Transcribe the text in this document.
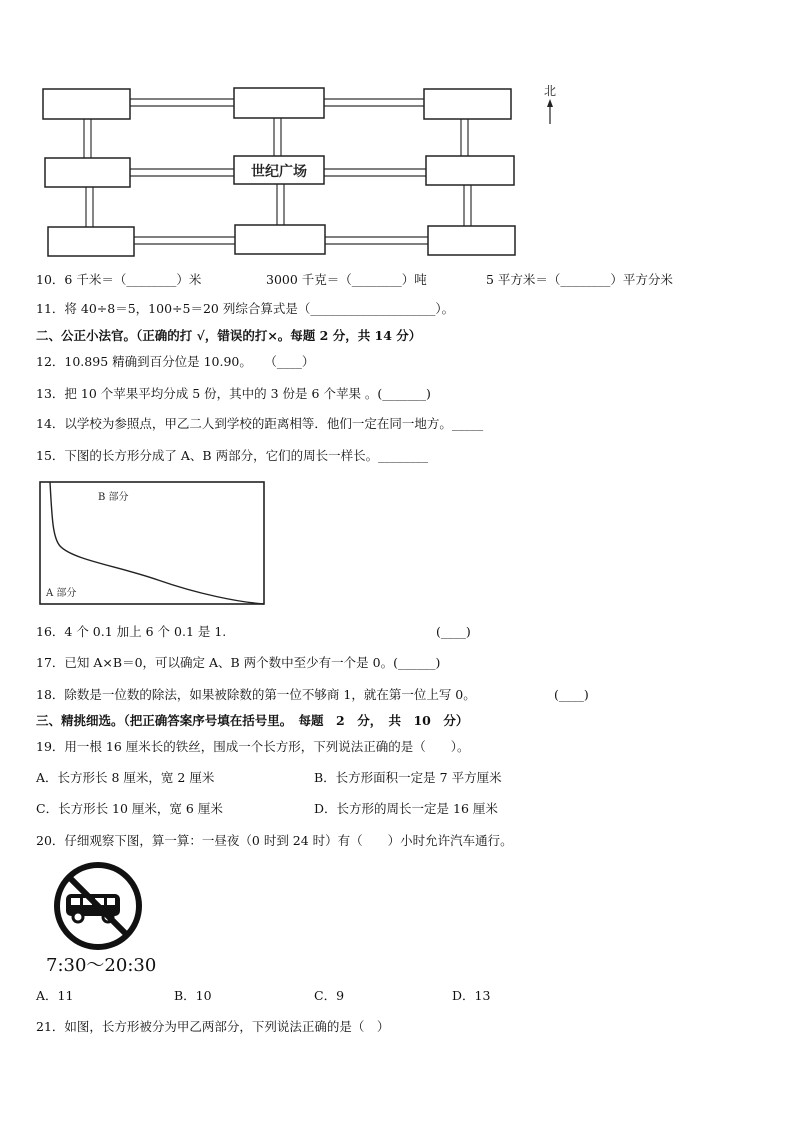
世纪广场
北
10．6 千米＝（________）米	3000 千克＝（________）吨	5 平方米＝（________）平方分米
11．将 40÷8＝5，100÷5＝20 列综合算式是（____________________）。
二、公正小法官。（正确的打 √，错误的打×。每题 2 分，共 14 分）
12．10.895 精确到百分位是 10.90。　　（____）
13．把 10 个苹果平均分成 5 份，其中的 3 份是 6 个苹果 。(_______)
14．以学校为参照点，甲乙二人到学校的距离相等．他们一定在同一地方。_____
15．下图的长方形分成了 A、B 两部分，它们的周长一样长。________
B 部分
A 部分
16．4 个 0.1 加上 6 个 0.1 是 1.	(____)
17．已知 A×B＝0，可以确定 A、B 两个数中至少有一个是 0。(______)
18．除数是一位数的除法，如果被除数的第一位不够商 1，就在第一位上写 0。	(____)
三、精挑细选。（把正确答案序号填在括号里。　每题　2　分，　共　10　分）
19．用一根 16 厘米长的铁丝，围成一个长方形，下列说法正确的是（　　）。
A．长方形长 8 厘米，宽 2 厘米	B．长方形面积一定是 7 平方厘米
C．长方形长 10 厘米，宽 6 厘米	D．长方形的周长一定是 16 厘米
20．仔细观察下图，算一算：一昼夜（0 时到 24 时）有（　　）小时允许汽车通行。
7:30～20:30
A．11	B．10	C．9	D．13
21．如图，长方形被分为甲乙两部分，下列说法正确的是（　）
